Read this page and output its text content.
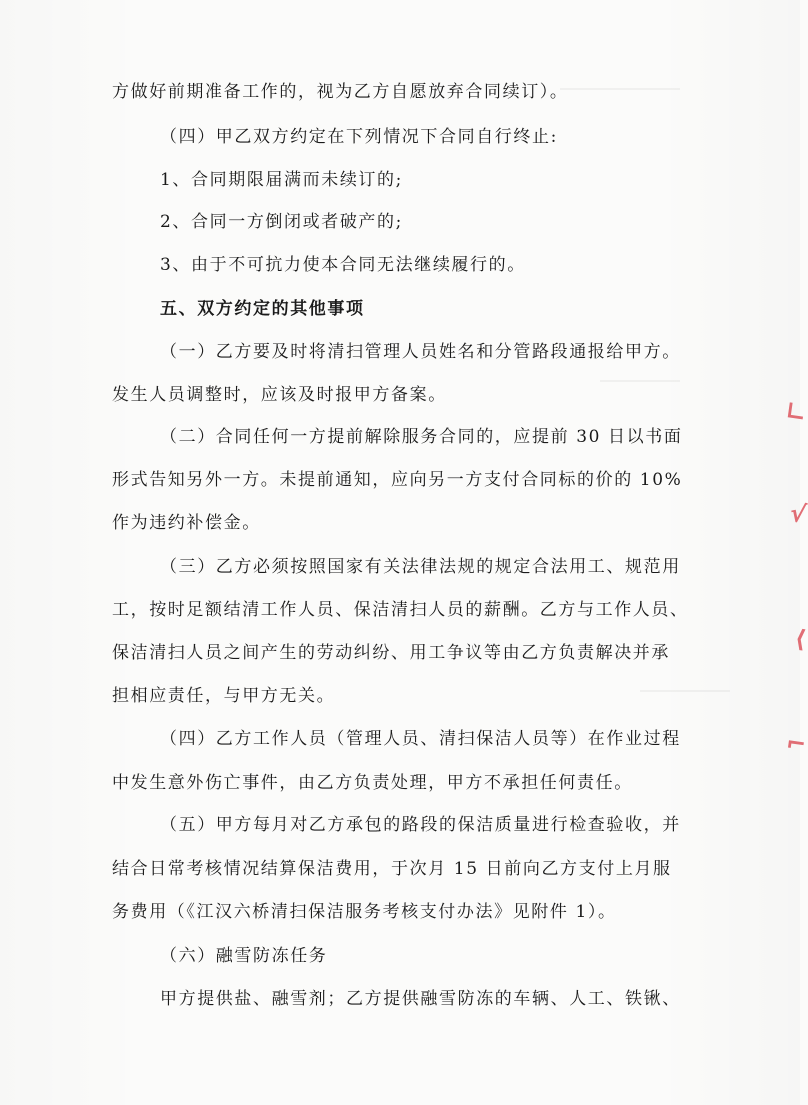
方做好前期准备工作的，视为乙方自愿放弃合同续订）。
（四）甲乙双方约定在下列情况下合同自行终止:
1、合同期限届满而未续订的;
2、合同一方倒闭或者破产的;
3、由于不可抗力使本合同无法继续履行的。
五、双方约定的其他事项
（一）乙方要及时将清扫管理人员姓名和分管路段通报给甲方。
发生人员调整时，应该及时报甲方备案。
（二）合同任何一方提前解除服务合同的，应提前 30 日以书面
形式告知另外一方。未提前通知，应向另一方支付合同标的价的 10%
作为违约补偿金。
（三）乙方必须按照国家有关法律法规的规定合法用工、规范用
工，按时足额结清工作人员、保洁清扫人员的薪酬。乙方与工作人员、
保洁清扫人员之间产生的劳动纠纷、用工争议等由乙方负责解决并承
担相应责任，与甲方无关。
（四）乙方工作人员（管理人员、清扫保洁人员等）在作业过程
中发生意外伤亡事件，由乙方负责处理，甲方不承担任何责任。
（五）甲方每月对乙方承包的路段的保洁质量进行检查验收，并
结合日常考核情况结算保洁费用，于次月 15 日前向乙方支付上月服
务费用（《江汉六桥清扫保洁服务考核支付办法》见附件 1）。
（六）融雪防冻任务
甲方提供盐、融雪剂；乙方提供融雪防冻的车辆、人工、铁锹、
∟
√
⟨
⌐
